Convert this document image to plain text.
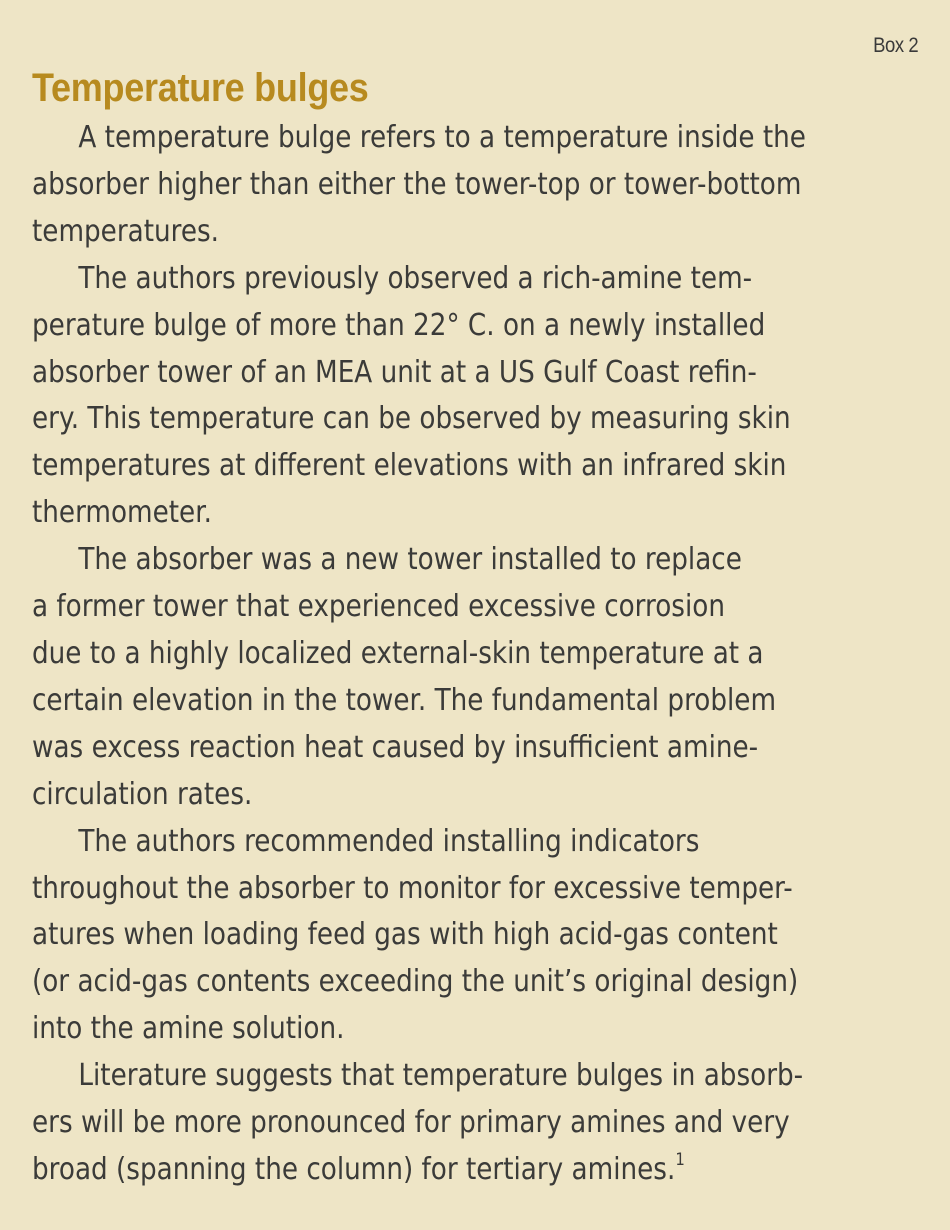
Box 2
Temperature bulges
A temperature bulge refers to a temperature inside the
absorber higher than either the tower-top or tower-bottom
temperatures.
The authors previously observed a rich-amine tem-
perature bulge of more than 22° C. on a newly installed
absorber tower of an MEA unit at a US Gulf Coast refin-
ery. This temperature can be observed by measuring skin
temperatures at different elevations with an infrared skin
thermometer.
The absorber was a new tower installed to replace
a former tower that experienced excessive corrosion
due to a highly localized external-skin temperature at a
certain elevation in the tower. The fundamental problem
was excess reaction heat caused by insufficient amine-
circulation rates.
The authors recommended installing indicators
throughout the absorber to monitor for excessive temper-
atures when loading feed gas with high acid-gas content
(or acid-gas contents exceeding the unit’s original design)
into the amine solution.
Literature suggests that temperature bulges in absorb-
ers will be more pronounced for primary amines and very
broad (spanning the column) for tertiary amines.$^1$
